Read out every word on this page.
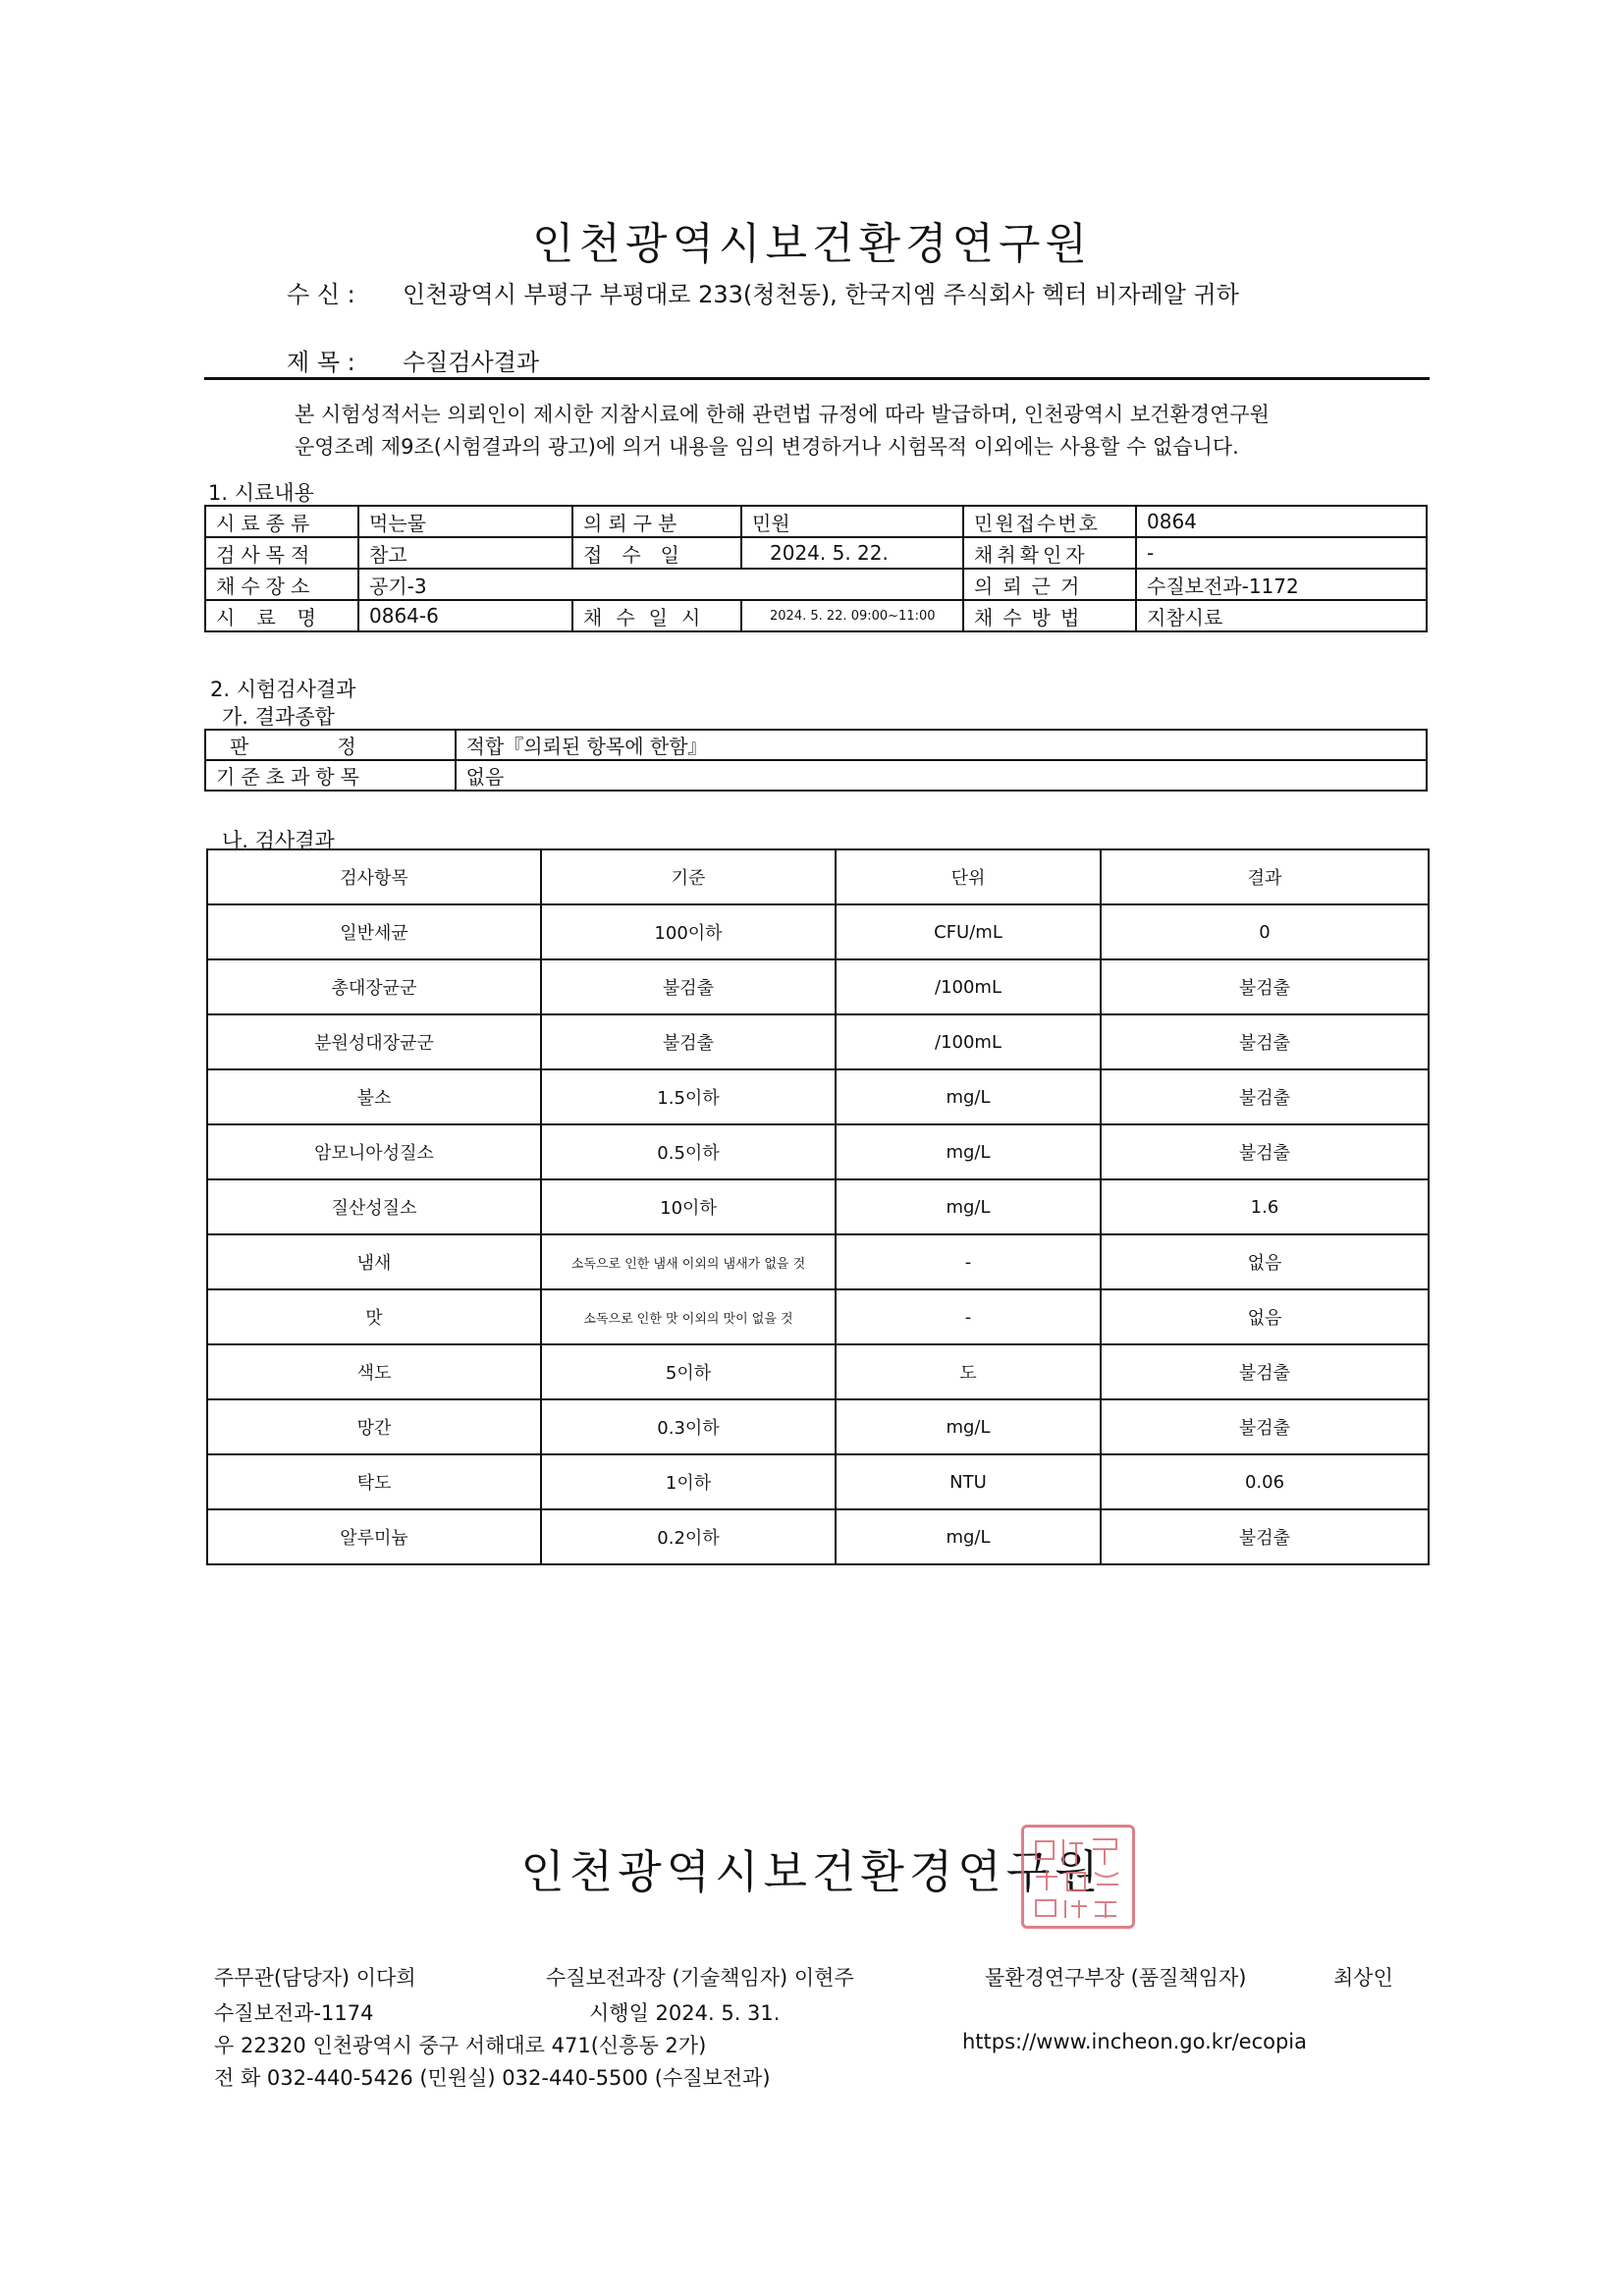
인천광역시보건환경연구원
수 신 : 인천광역시 부평구 부평대로 233(청천동), 한국지엠 주식회사 헥터 비자레알 귀하
제 목 : 수질검사결과
본 시험성적서는 의뢰인이 제시한 지참시료에 한해 관련법 규정에 따라 발급하며, 인천광역시 보건환경연구원
운영조례 제9조(시험결과의 광고)에 의거 내용을 임의 변경하거나 시험목적 이외에는 사용할 수 없습니다.
1. 시료내용
시료종류	먹는물	의뢰구분	민원	민원접수번호	0864
검사목적	참고	접수일	2024. 5. 22.	채취확인자	-
채수장소	공기-3			의뢰근거	수질보전과-1172
시료명	0864-6	채수일시	2024. 5. 22. 09:00~11:00	채수방법	지참시료
2. 시험검사결과
가. 결과종합
판정	적합『의뢰된 항목에 한함』
기준초과항목	없음
나. 검사결과
검사항목	기준	단위	결과
일반세균	100이하	CFU/mL	0
총대장균군	불검출	/100mL	불검출
분원성대장균군	불검출	/100mL	불검출
불소	1.5이하	mg/L	불검출
암모니아성질소	0.5이하	mg/L	불검출
질산성질소	10이하	mg/L	1.6
냄새	소독으로 인한 냄새 이외의 냄새가 없을 것	-	없음
맛	소독으로 인한 맛 이외의 맛이 없을 것	-	없음
색도	5이하	도	불검출
망간	0.3이하	mg/L	불검출
탁도	1이하	NTU	0.06
알루미늄	0.2이하	mg/L	불검출
인천광역시보건환경연구원
주무관(담당자) 이다희	수질보전과장 (기술책임자) 이현주	물환경연구부장 (품질책임자)	최상인
수질보전과-1174	시행일 2024. 5. 31.
우 22320 인천광역시 중구 서해대로 471(신흥동 2가)	https://www.incheon.go.kr/ecopia
전 화 032-440-5426 (민원실) 032-440-5500 (수질보전과)
